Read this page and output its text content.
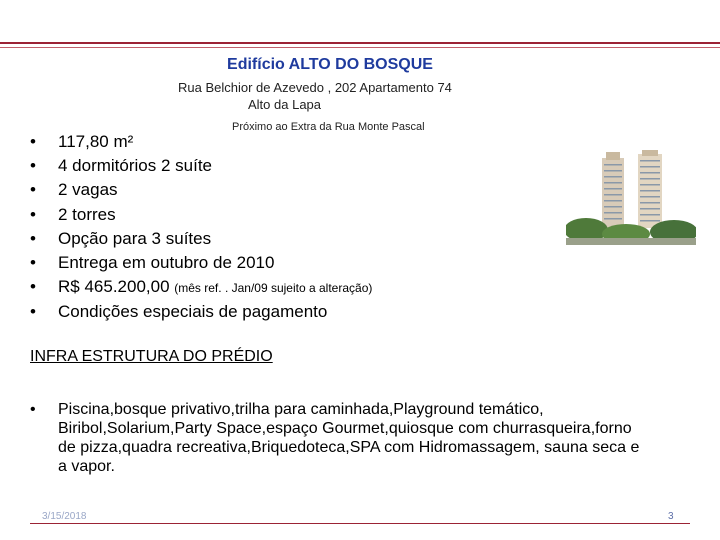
Edifício ALTO DO BOSQUE
Rua Belchior de Azevedo , 202 Apartamento 74
Alto da Lapa
Próximo ao Extra da Rua Monte Pascal
• 117,80 m²
• 4 dormitórios 2 suíte
• 2 vagas
• 2 torres
• Opção para 3 suítes
• Entrega em outubro de 2010
• R$ 465.200,00 (mês ref. . Jan/09 sujeito a alteração)
• Condições especiais de pagamento
INFRA ESTRUTURA DO PRÉDIO
• Piscina,bosque privativo,trilha para caminhada,Playground temático, Biribol,Solarium,Party Space,espaço Gourmet,quiosque com churrasqueira,forno de pizza,quadra recreativa,Briquedoteca,SPA com Hidromassagem, sauna seca e a vapor.
3/15/2018	3
